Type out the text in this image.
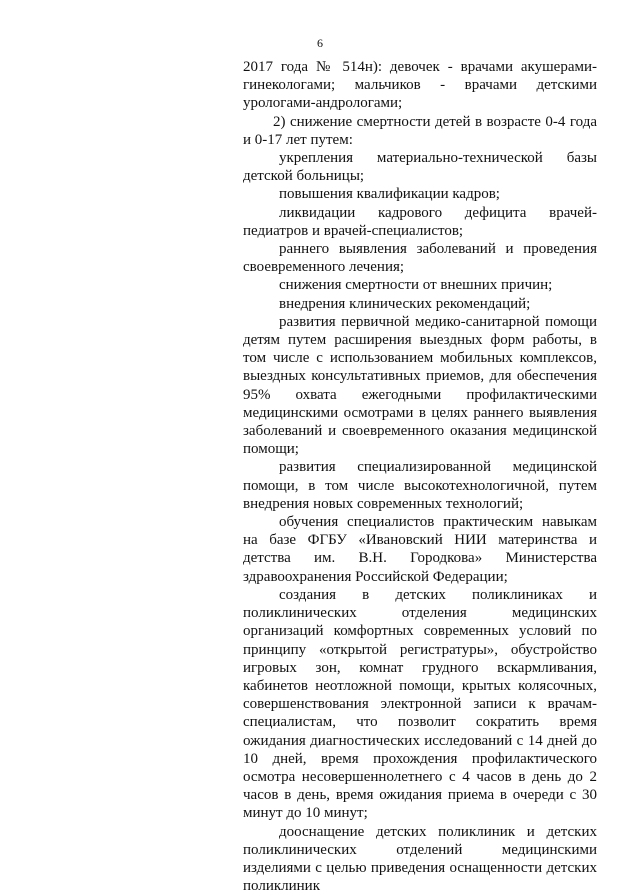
6

2017 года № 514н): девочек - врачами акушерами-гинекологами; мальчиков - врачами детскими урологами-андрологами;

2) снижение смертности детей в возрасте 0-4 года и 0-17 лет путем:

укрепления материально-технической базы детской больницы;

повышения квалификации кадров;

ликвидации кадрового дефицита врачей-педиатров и врачей-специалистов;

раннего выявления заболеваний и проведения своевременного лечения;

снижения смертности от внешних причин;

внедрения клинических рекомендаций;

развития первичной медико-санитарной помощи детям путем расширения выездных форм работы, в том числе с использованием мобильных комплексов, выездных консультативных приемов, для обеспечения 95% охвата ежегодными профилактическими медицинскими осмотрами в целях раннего выявления заболеваний и своевременного оказания медицинской помощи;

развития специализированной медицинской помощи, в том числе высокотехнологичной, путем внедрения новых современных технологий;

обучения специалистов практическим навыкам на базе ФГБУ «Ивановский НИИ материнства и детства им. В.Н. Городкова» Министерства здравоохранения Российской Федерации;

создания в детских поликлиниках и поликлинических отделения медицинских организаций комфортных современных условий по принципу «открытой регистратуры», обустройство игровых зон, комнат грудного вскармливания, кабинетов неотложной помощи, крытых колясочных, совершенствования электронной записи к врачам-специалистам, что позволит сократить время ожидания диагностических исследований с 14 дней до 10 дней, время прохождения профилактического осмотра несовершеннолетнего с 4 часов в день до 2 часов в день, время ожидания приема в очереди с 30 минут до 10 минут;

дооснащение детских поликлиник и детских поликлинических отделений медицинскими изделиями с целью приведения оснащенности детских поликлиник
